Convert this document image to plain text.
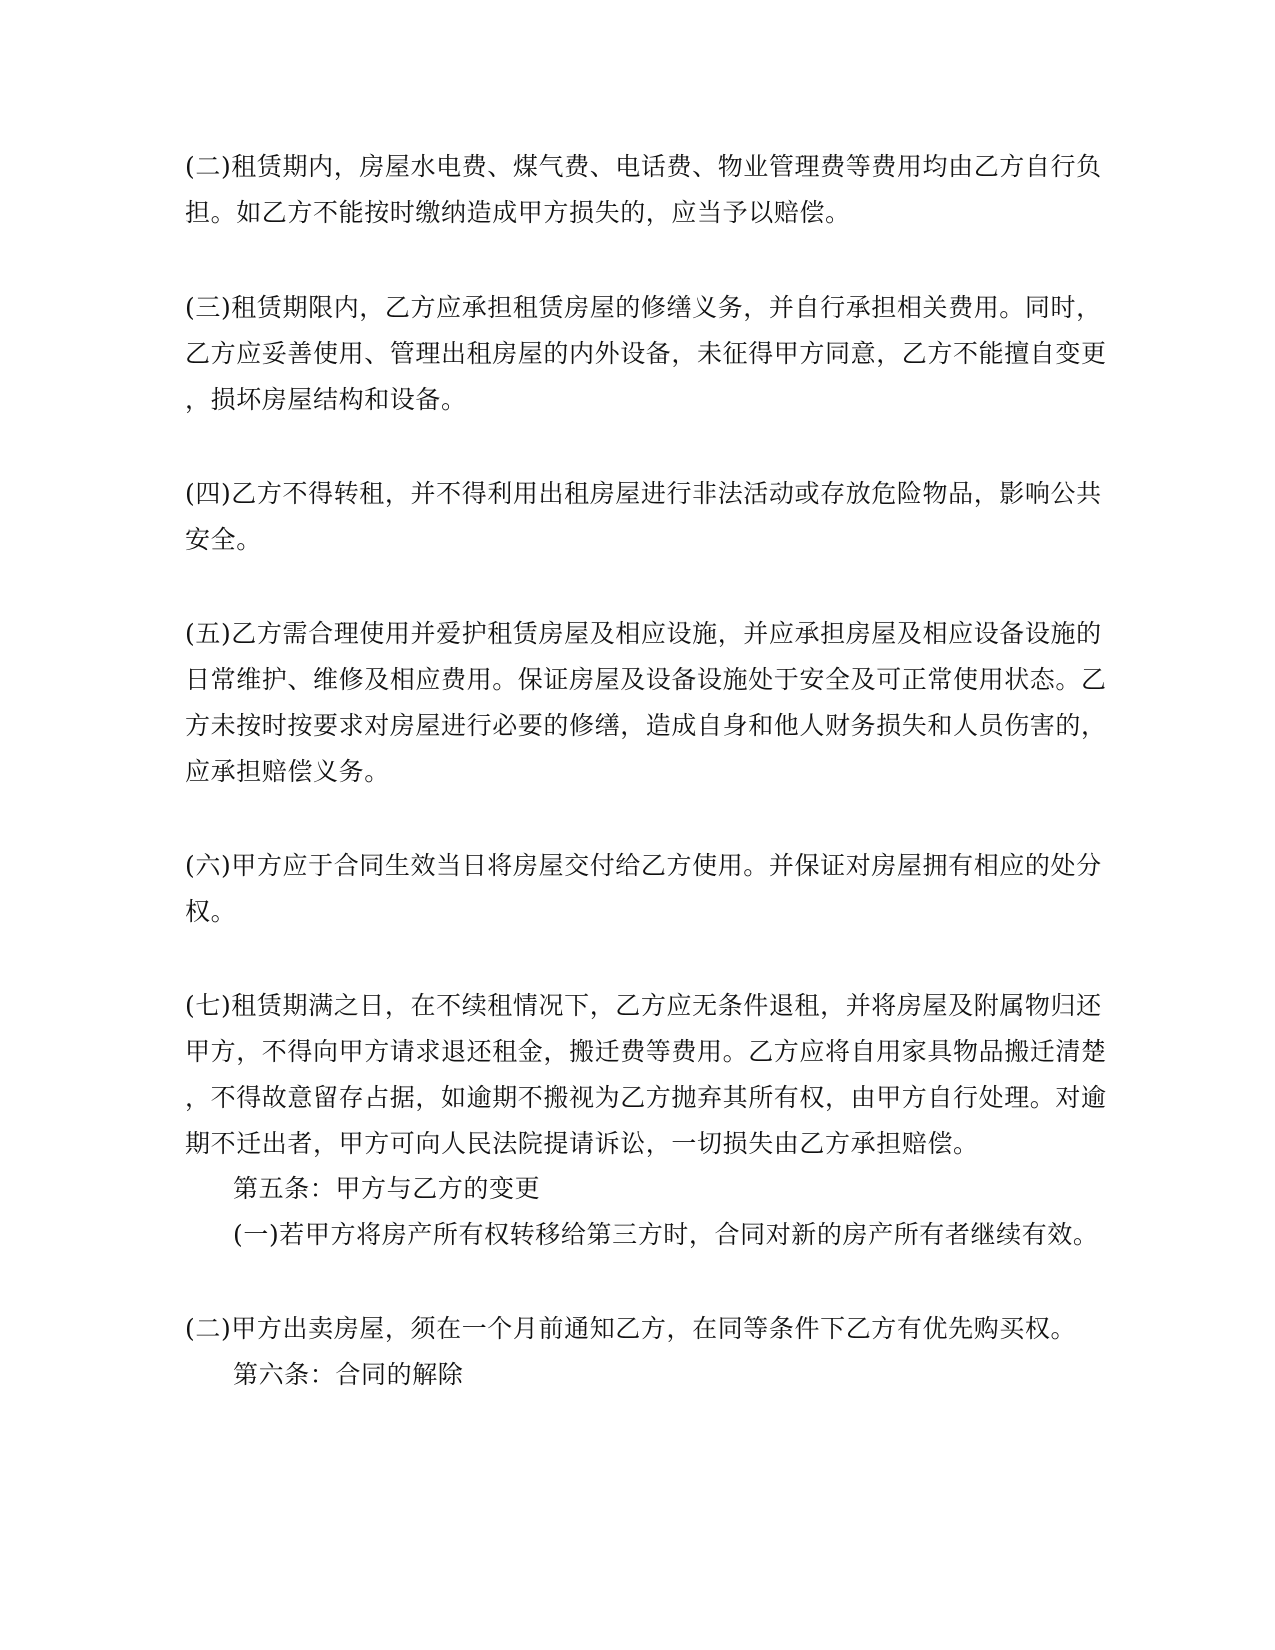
(二)租赁期内，房屋水电费、煤气费、电话费、物业管理费等费用均由乙方自行负
担。如乙方不能按时缴纳造成甲方损失的，应当予以赔偿。
(三)租赁期限内，乙方应承担租赁房屋的修缮义务，并自行承担相关费用。同时，
乙方应妥善使用、管理出租房屋的内外设备，未征得甲方同意，乙方不能擅自变更
，损坏房屋结构和设备。
(四)乙方不得转租，并不得利用出租房屋进行非法活动或存放危险物品，影响公共
安全。
(五)乙方需合理使用并爱护租赁房屋及相应设施，并应承担房屋及相应设备设施的
日常维护、维修及相应费用。保证房屋及设备设施处于安全及可正常使用状态。乙
方未按时按要求对房屋进行必要的修缮，造成自身和他人财务损失和人员伤害的，
应承担赔偿义务。
(六)甲方应于合同生效当日将房屋交付给乙方使用。并保证对房屋拥有相应的处分
权。
(七)租赁期满之日，在不续租情况下，乙方应无条件退租，并将房屋及附属物归还
甲方，不得向甲方请求退还租金，搬迁费等费用。乙方应将自用家具物品搬迁清楚
，不得故意留存占据，如逾期不搬视为乙方抛弃其所有权，由甲方自行处理。对逾
期不迁出者，甲方可向人民法院提请诉讼，一切损失由乙方承担赔偿。
第五条：甲方与乙方的变更
(一)若甲方将房产所有权转移给第三方时，合同对新的房产所有者继续有效。
(二)甲方出卖房屋，须在一个月前通知乙方，在同等条件下乙方有优先购买权。
第六条：合同的解除
